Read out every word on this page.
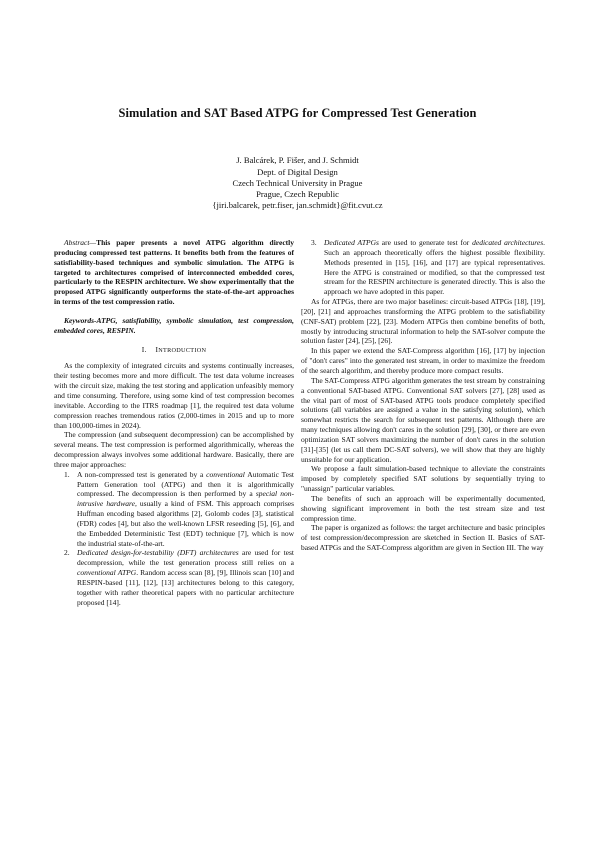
Simulation and SAT Based ATPG for Compressed Test Generation
J. Balcárek, P. Fišer, and J. Schmidt
Dept. of Digital Design
Czech Technical University in Prague
Prague, Czech Republic
{jiri.balcarek, petr.fiser, jan.schmidt}@fit.cvut.cz

Abstract—This paper presents a novel ATPG algorithm directly producing compressed test patterns. It benefits both from the features of satisfiability-based techniques and symbolic simulation. The ATPG is targeted to architectures comprised of interconnected embedded cores, particularly to the RESPIN architecture. We show experimentally that the proposed ATPG significantly outperforms the state-of-the-art approaches in terms of the test compression ratio.

Keywords-ATPG, satisfiability, symbolic simulation, test compression, embedded cores, RESPIN.

I. INTRODUCTION

As the complexity of integrated circuits and systems continually increases, their testing becomes more and more difficult. The test data volume increases with the circuit size, making the test storing and application unfeasibly memory and time consuming. Therefore, using some kind of test compression becomes inevitable. According to the ITRS roadmap [1], the required test data volume compression reaches tremendous ratios (2,000-times in 2015 and up to more than 100,000-times in 2024).

The compression (and subsequent decompression) can be accomplished by several means. The test compression is performed algorithmically, whereas the decompression always involves some additional hardware. Basically, there are three major approaches:

1. A non-compressed test is generated by a conventional Automatic Test Pattern Generation tool (ATPG) and then it is algorithmically compressed. The decompression is then performed by a special non-intrusive hardware, usually a kind of FSM. This approach comprises Huffman encoding based algorithms [2], Golomb codes [3], statistical (FDR) codes [4], but also the well-known LFSR reseeding [5], [6], and the Embedded Deterministic Test (EDT) technique [7], which is now the industrial state-of-the-art.
2. Dedicated design-for-testability (DFT) architectures are used for test decompression, while the test generation process still relies on a conventional ATPG. Random access scan [8], [9], Illinois scan [10] and RESPIN-based [11], [12], [13] architectures belong to this category, together with rather theoretical papers with no particular architecture proposed [14].
3. Dedicated ATPGs are used to generate test for dedicated architectures. Such an approach theoretically offers the highest possible flexibility. Methods presented in [15], [16], and [17] are typical representatives. Here the ATPG is constrained or modified, so that the compressed test stream for the RESPIN architecture is generated directly. This is also the approach we have adopted in this paper.

As for ATPGs, there are two major baselines: circuit-based ATPGs [18], [19], [20], [21] and approaches transforming the ATPG problem to the satisfiability (CNF-SAT) problem [22], [23]. Modern ATPGs then combine benefits of both, mostly by introducing structural information to help the SAT-solver compute the solution faster [24], [25], [26].

In this paper we extend the SAT-Compress algorithm [16], [17] by injection of "don't cares" into the generated test stream, in order to maximize the freedom of the search algorithm, and thereby produce more compact results.

The SAT-Compress ATPG algorithm generates the test stream by constraining a conventional SAT-based ATPG. Conventional SAT solvers [27], [28] used as the vital part of most of SAT-based ATPG tools produce completely specified solutions (all variables are assigned a value in the satisfying solution), which somewhat restricts the search for subsequent test patterns. Although there are many techniques allowing don't cares in the solution [29], [30], or there are even optimization SAT solvers maximizing the number of don't cares in the solution [31]-[35] (let us call them DC-SAT solvers), we will show that they are highly unsuitable for our application.

We propose a fault simulation-based technique to alleviate the constraints imposed by completely specified SAT solutions by sequentially trying to "unassign" particular variables.

The benefits of such an approach will be experimentally documented, showing significant improvement in both the test stream size and test compression time.

The paper is organized as follows: the target architecture and basic principles of test compression/decompression are sketched in Section II. Basics of SAT-based ATPGs and the SAT-Compress algorithm are given in Section III. The way
